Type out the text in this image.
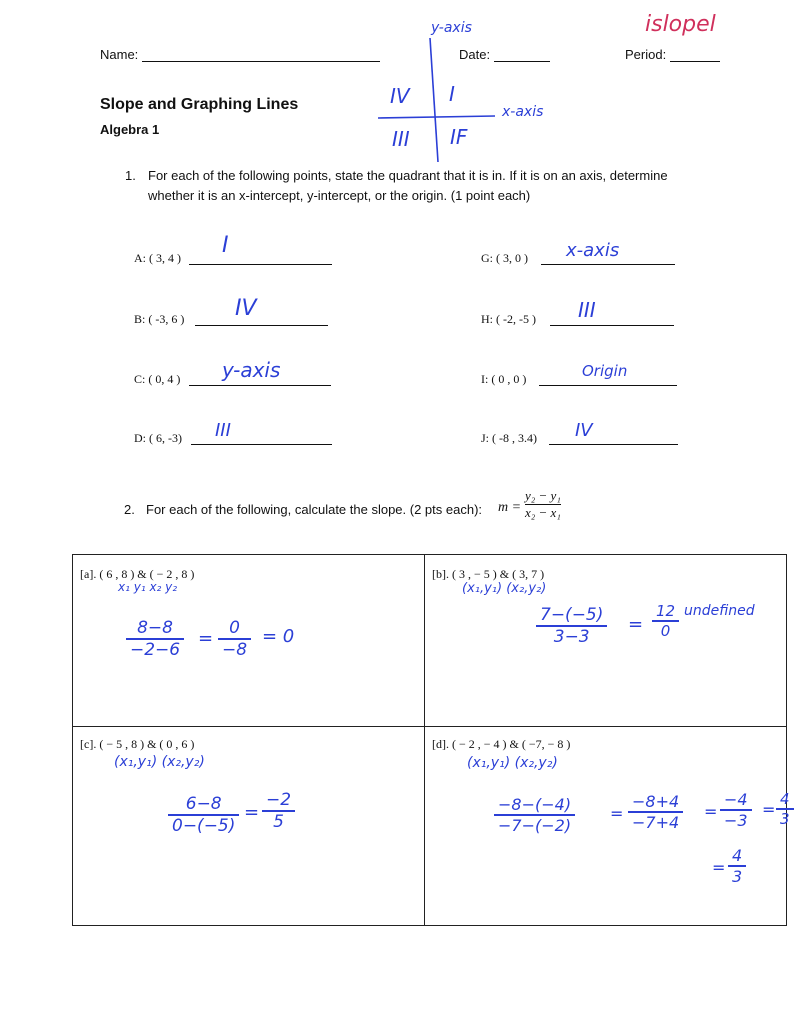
Name:	Date:	Period:
islopel
Slope and Graphing Lines
Algebra 1
y-axis
x-axis
I
IV
III IF
1. For each of the following points, state the quadrant that it is in. If it is on an axis, determine
whether it is an x-intercept, y-intercept, or the origin. (1 point each)
A: ( 3, 4 ) I
B: ( -3, 6 ) IV
C: ( 0, 4 ) y-axis
D: ( 6, -3) III
G: ( 3, 0 ) x-axis
H: ( -2, -5 ) III
I: ( 0 , 0 )	Origin
J: ( -8 , 3.4) IV
2. For each of the following, calculate the slope. (2 pts each): m =
y₂ − y₁
x₂ − x₁
[a]. ( 6 , 8 ) & ( − 2 , 8 )
x₁ y₁ x₂ y₂
8−8
−2−6
= 0
−8
= 0
[b]. ( 3 , − 5 ) & ( 3, 7 )
(x₁,y₁) (x₂,y₂)
7−(−5)
3−3
=
12
0
undefined
[c]. ( − 5 , 8 ) & ( 0 , 6 )
(x₁,y₁) (x₂,y₂)
6−8
0−(−5)
=
−2
5
[d]. ( − 2 , − 4 ) & ( −7, − 8 )
(x₁,y₁) (x₂,y₂)
−8−(−4)
−7−(−2)
=
−8+4
−7+4
=
−4
−3
=
4
3
=
4
3
